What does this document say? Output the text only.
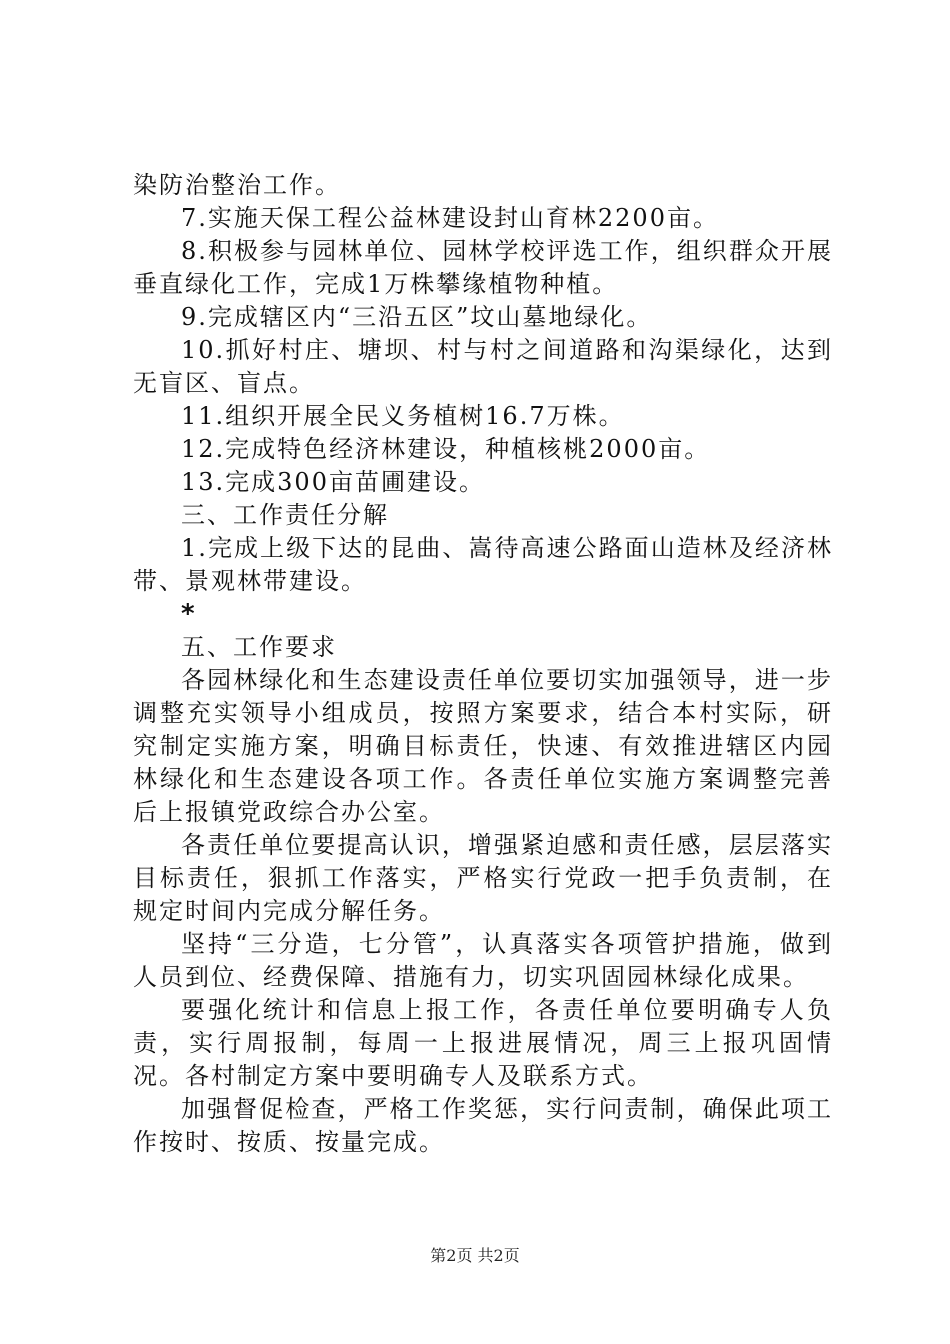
染防治整治工作。

7.实施天保工程公益林建设封山育林2200亩。

8.积极参与园林单位、园林学校评选工作，组织群众开展垂直绿化工作，完成1万株攀缘植物种植。

9.完成辖区内“三沿五区”坟山墓地绿化。

10.抓好村庄、塘坝、村与村之间道路和沟渠绿化，达到无盲区、盲点。

11.组织开展全民义务植树16.7万株。

12.完成特色经济林建设，种植核桃2000亩。

13.完成300亩苗圃建设。

三、工作责任分解

1.完成上级下达的昆曲、嵩待高速公路面山造林及经济林带、景观林带建设。

*

五、工作要求

各园林绿化和生态建设责任单位要切实加强领导，进一步调整充实领导小组成员，按照方案要求，结合本村实际，研究制定实施方案，明确目标责任，快速、有效推进辖区内园林绿化和生态建设各项工作。各责任单位实施方案调整完善后上报镇党政综合办公室。

各责任单位要提高认识，增强紧迫感和责任感，层层落实目标责任，狠抓工作落实，严格实行党政一把手负责制，在规定时间内完成分解任务。

坚持“三分造，七分管”，认真落实各项管护措施，做到人员到位、经费保障、措施有力，切实巩固园林绿化成果。

要强化统计和信息上报工作，各责任单位要明确专人负责，实行周报制，每周一上报进展情况，周三上报巩固情况。各村制定方案中要明确专人及联系方式。

加强督促检查，严格工作奖惩，实行问责制，确保此项工作按时、按质、按量完成。

第2页 共2页
